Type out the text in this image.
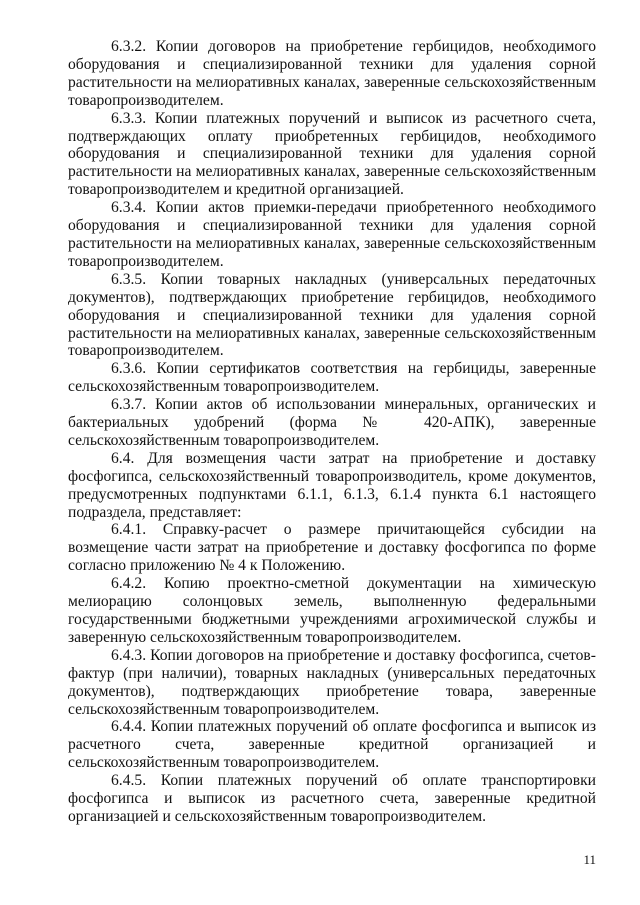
6.3.2. Копии договоров на приобретение гербицидов, необходимого оборудования и специализированной техники для удаления сорной растительности на мелиоративных каналах, заверенные сельскохозяйственным товаропроизводителем.

6.3.3. Копии платежных поручений и выписок из расчетного счета, подтверждающих оплату приобретенных гербицидов, необходимого оборудования и специализированной техники для удаления сорной растительности на мелиоративных каналах, заверенные сельскохозяйственным товаропроизводителем и кредитной организацией.

6.3.4. Копии актов приемки-передачи приобретенного необходимого оборудования и специализированной техники для удаления сорной растительности на мелиоративных каналах, заверенные сельскохозяйственным товаропроизводителем.

6.3.5. Копии товарных накладных (универсальных передаточных документов), подтверждающих приобретение гербицидов, необходимого оборудования и специализированной техники для удаления сорной растительности на мелиоративных каналах, заверенные сельскохозяйственным товаропроизводителем.

6.3.6. Копии сертификатов соответствия на гербициды, заверенные сельскохозяйственным товаропроизводителем.

6.3.7. Копии актов об использовании минеральных, органических и бактериальных удобрений (форма № 420-АПК), заверенные сельскохозяйственным товаропроизводителем.

6.4. Для возмещения части затрат на приобретение и доставку фосфогипса, сельскохозяйственный товаропроизводитель, кроме документов, предусмотренных подпунктами 6.1.1, 6.1.3, 6.1.4 пункта 6.1 настоящего подраздела, представляет:

6.4.1. Справку-расчет о размере причитающейся субсидии на возмещение части затрат на приобретение и доставку фосфогипса по форме согласно приложению № 4 к Положению.

6.4.2. Копию проектно-сметной документации на химическую мелиорацию солонцовых земель, выполненную федеральными государственными бюджетными учреждениями агрохимической службы и заверенную сельскохозяйственным товаропроизводителем.

6.4.3. Копии договоров на приобретение и доставку фосфогипса, счетов-фактур (при наличии), товарных накладных (универсальных передаточных документов), подтверждающих приобретение товара, заверенные сельскохозяйственным товаропроизводителем.

6.4.4. Копии платежных поручений об оплате фосфогипса и выписок из расчетного счета, заверенные кредитной организацией и сельскохозяйственным товаропроизводителем.

6.4.5. Копии платежных поручений об оплате транспортировки фосфогипса и выписок из расчетного счета, заверенные кредитной организацией и сельскохозяйственным товаропроизводителем.

11
